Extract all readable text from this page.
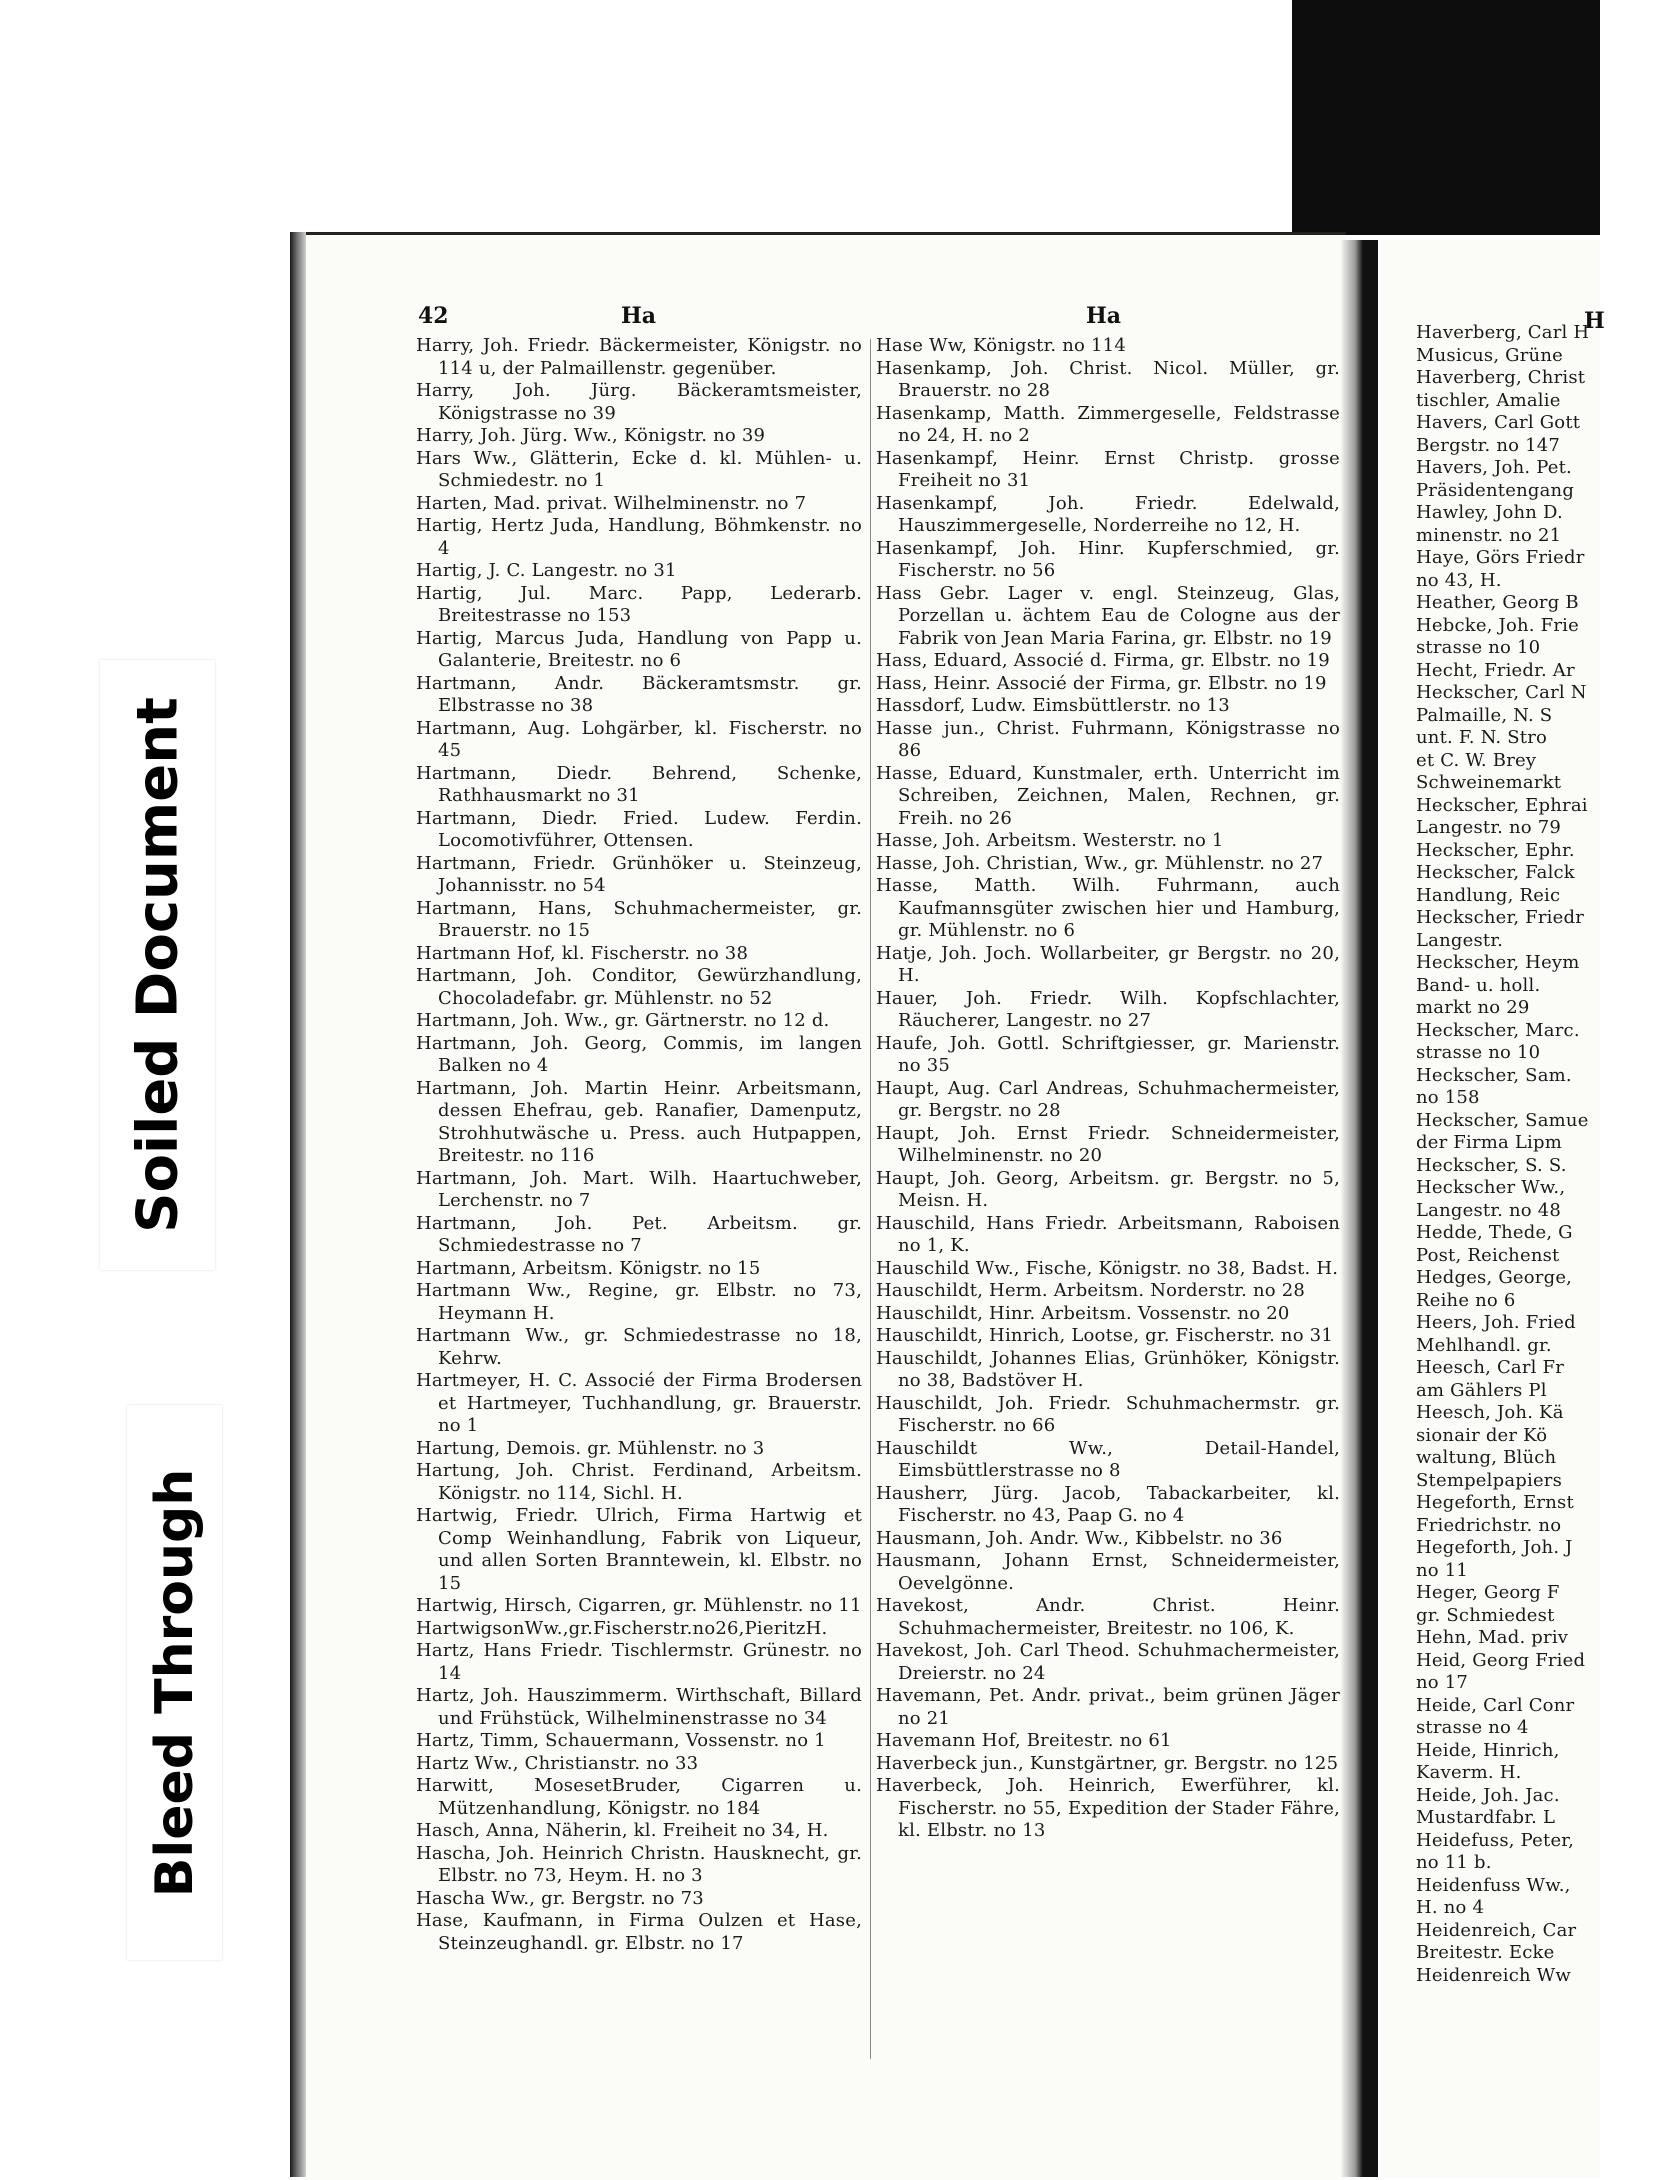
42	Ha	Ha

Harry, Joh. Friedr. Bäckermeister, Königstr. no 114 u, der Palmaillenstr. gegenüber.

Harry, Joh. Jürg. Bäckeramtsmeister, Königstrasse no 39

Harry, Joh. Jürg. Ww., Königstr. no 39

Hars Ww., Glätterin, Ecke d. kl. Mühlen- u. Schmiedestr. no 1

Harten, Mad. privat. Wilhelminenstr. no 7

Hartig, Hertz Juda, Handlung, Böhmkenstr. no 4

Hartig, J. C. Langestr. no 31

Hartig, Jul. Marc. Papp, Lederarb. Breitestrasse no 153

Hartig, Marcus Juda, Handlung von Papp u. Galanterie, Breitestr. no 6

Hartmann, Andr. Bäckeramtsmstr. gr. Elbstrasse no 38

Hartmann, Aug. Lohgärber, kl. Fischerstr. no 45

Hartmann, Diedr. Behrend, Schenke, Rathhausmarkt no 31

Hartmann, Diedr. Fried. Ludew. Ferdin. Locomotivführer, Ottensen.

Hartmann, Friedr. Grünhöker u. Steinzeug, Johannisstr. no 54

Hartmann, Hans, Schuhmachermeister, gr. Brauerstr. no 15

Hartmann Hof, kl. Fischerstr. no 38

Hartmann, Joh. Conditor, Gewürzhandlung, Chocoladefabr. gr. Mühlenstr. no 52

Hartmann, Joh. Ww., gr. Gärtnerstr. no 12 d.

Hartmann, Joh. Georg, Commis, im langen Balken no 4

Hartmann, Joh. Martin Heinr. Arbeitsmann, dessen Ehefrau, geb. Ranafier, Damenputz, Strohhutwäsche u. Press. auch Hutpappen, Breitestr. no 116

Hartmann, Joh. Mart. Wilh. Haartuchweber, Lerchenstr. no 7

Hartmann, Joh. Pet. Arbeitsm. gr. Schmiedestrasse no 7

Hartmann, Arbeitsm. Königstr. no 15

Hartmann Ww., Regine, gr. Elbstr. no 73, Heymann H.

Hartmann Ww., gr. Schmiedestrasse no 18, Kehrw.

Hartmeyer, H. C. Associé der Firma Brodersen et Hartmeyer, Tuchhandlung, gr. Brauerstr. no 1

Hartung, Demois. gr. Mühlenstr. no 3

Hartung, Joh. Christ. Ferdinand, Arbeitsm. Königstr. no 114, Sichl. H.

Hartwig, Friedr. Ulrich, Firma Hartwig et Comp Weinhandlung, Fabrik von Liqueur, und allen Sorten Branntewein, kl. Elbstr. no 15

Hartwig, Hirsch, Cigarren, gr. Mühlenstr. no 11

HartwigsonWw.,gr.Fischerstr.no26,PieritzH.

Hartz, Hans Friedr. Tischlermstr. Grünestr. no 14

Hartz, Joh. Hauszimmerm. Wirthschaft, Billard und Frühstück, Wilhelminenstrasse no 34

Hartz, Timm, Schauermann, Vossenstr. no 1

Hartz Ww., Christianstr. no 33

Harwitt, MosesetBruder, Cigarren u. Mützenhandlung, Königstr. no 184

Hasch, Anna, Näherin, kl. Freiheit no 34, H.

Hascha, Joh. Heinrich Christn. Hausknecht, gr. Elbstr. no 73, Heym. H. no 3

Hascha Ww., gr. Bergstr. no 73

Hase, Kaufmann, in Firma Oulzen et Hase, Steinzeughandl. gr. Elbstr. no 17

Hase Ww, Königstr. no 114

Hasenkamp, Joh. Christ. Nicol. Müller, gr. Brauerstr. no 28

Hasenkamp, Matth. Zimmergeselle, Feldstrasse no 24, H. no 2

Hasenkampf, Heinr. Ernst Christp. grosse Freiheit no 31

Hasenkampf, Joh. Friedr. Edelwald, Hauszimmergeselle, Norderreihe no 12, H.

Hasenkampf, Joh. Hinr. Kupferschmied, gr. Fischerstr. no 56

Hass Gebr. Lager v. engl. Steinzeug, Glas, Porzellan u. ächtem Eau de Cologne aus der Fabrik von Jean Maria Farina, gr. Elbstr. no 19

Hass, Eduard, Associé d. Firma, gr. Elbstr. no 19

Hass, Heinr. Associé der Firma, gr. Elbstr. no 19

Hassdorf, Ludw. Eimsbüttlerstr. no 13

Hasse jun., Christ. Fuhrmann, Königstrasse no 86

Hasse, Eduard, Kunstmaler, erth. Unterricht im Schreiben, Zeichnen, Malen, Rechnen, gr. Freih. no 26

Hasse, Joh. Arbeitsm. Westerstr. no 1

Hasse, Joh. Christian, Ww., gr. Mühlenstr. no 27

Hasse, Matth. Wilh. Fuhrmann, auch Kaufmannsgüter zwischen hier und Hamburg, gr. Mühlenstr. no 6

Hatje, Joh. Joch. Wollarbeiter, gr Bergstr. no 20, H.

Hauer, Joh. Friedr. Wilh. Kopfschlachter, Räucherer, Langestr. no 27

Haufe, Joh. Gottl. Schriftgiesser, gr. Marienstr. no 35

Haupt, Aug. Carl Andreas, Schuhmachermeister, gr. Bergstr. no 28

Haupt, Joh. Ernst Friedr. Schneidermeister, Wilhelminenstr. no 20

Haupt, Joh. Georg, Arbeitsm. gr. Bergstr. no 5, Meisn. H.

Hauschild, Hans Friedr. Arbeitsmann, Raboisen no 1, K.

Hauschild Ww., Fische, Königstr. no 38, Badst. H.

Hauschildt, Herm. Arbeitsm. Norderstr. no 28

Hauschildt, Hinr. Arbeitsm. Vossenstr. no 20

Hauschildt, Hinrich, Lootse, gr. Fischerstr. no 31

Hauschildt, Johannes Elias, Grünhöker, Königstr. no 38, Badstöver H.

Hauschildt, Joh. Friedr. Schuhmachermstr. gr. Fischerstr. no 66

Hauschildt Ww., Detail-Handel, Eimsbüttlerstrasse no 8

Hausherr, Jürg. Jacob, Tabackarbeiter, kl. Fischerstr. no 43, Paap G. no 4

Hausmann, Joh. Andr. Ww., Kibbelstr. no 36

Hausmann, Johann Ernst, Schneidermeister, Oevelgönne.

Havekost, Andr. Christ. Heinr. Schuhmachermeister, Breitestr. no 106, K.

Havekost, Joh. Carl Theod. Schuhmachermeister, Dreierstr. no 24

Havemann, Pet. Andr. privat., beim grünen Jäger no 21

Havemann Hof, Breitestr. no 61

Haverbeck jun., Kunstgärtner, gr. Bergstr. no 125

Haverbeck, Joh. Heinrich, Ewerführer, kl. Fischerstr. no 55, Expedition der Stader Fähre, kl. Elbstr. no 13

H

Haverberg, Carl H

Musicus, Grüne

Haverberg, Christ

tischler, Amalie

Havers, Carl Gott

Bergstr. no 147

Havers, Joh. Pet.

Präsidentengang

Hawley, John D.

minenstr. no 21

Haye, Görs Friedr

no 43, H.

Heather, Georg B

Hebcke, Joh. Frie

strasse no 10

Hecht, Friedr. Ar

Heckscher, Carl N

Palmaille, N. S

unt. F. N. Stro

et C. W. Brey

Schweinemarkt

Heckscher, Ephrai

Langestr. no 79

Heckscher, Ephr.

Heckscher, Falck

Handlung, Reic

Heckscher, Friedr

Langestr.

Heckscher, Heym

Band- u. holl.

markt no 29

Heckscher, Marc.

strasse no 10

Heckscher, Sam.

no 158

Heckscher, Samue

der Firma Lipm

Heckscher, S. S.

Heckscher Ww.,

Langestr. no 48

Hedde, Thede, G

Post, Reichenst

Hedges, George,

Reihe no 6

Heers, Joh. Fried

Mehlhandl. gr.

Heesch, Carl Fr

am Gählers Pl

Heesch, Joh. Kä

sionair der Kö

waltung, Blüch

Stempelpapiers

Hegeforth, Ernst

Friedrichstr. no

Hegeforth, Joh. J

no 11

Heger, Georg F

gr. Schmiedest

Hehn, Mad. priv

Heid, Georg Fried

no 17

Heide, Carl Conr

strasse no 4

Heide, Hinrich,

Kaverm. H.

Heide, Joh. Jac.

Mustardfabr. L

Heidefuss, Peter,

no 11 b.

Heidenfuss Ww.,

H. no 4

Heidenreich, Car

Breitestr. Ecke

Heidenreich Ww

Soiled Document
Bleed Through
